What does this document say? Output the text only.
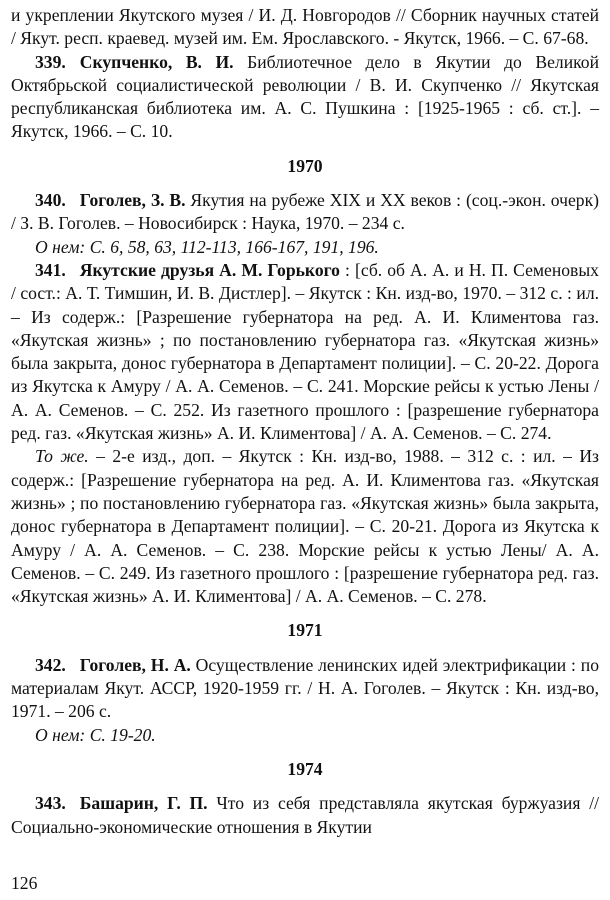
и укреплении Якутского музея / И. Д. Новгородов // Сборник научных статей / Якут. респ. краевед. музей им. Ем. Ярославского. - Якутск, 1966. – С. 67-68.

339. Скупченко, В. И. Библиотечное дело в Якутии до Великой Октябрьской социалистической революции / В. И. Скупченко // Якутская республиканская библиотека им. А. С. Пушкина : [1925-1965 : сб. ст.]. – Якутск, 1966. – С. 10.

1970

340. Гоголев, З. В. Якутия на рубеже XIX и XX веков : (соц.-экон. очерк) / З. В. Гоголев. – Новосибирск : Наука, 1970. – 234 с.

О нем: С. 6, 58, 63, 112-113, 166-167, 191, 196.

341. Якутские друзья А. М. Горького : [сб. об А. А. и Н. П. Семеновых / сост.: А. Т. Тимшин, И. В. Дистлер]. – Якутск : Кн. изд-во, 1970. – 312 с. : ил. – Из содерж.: [Разрешение губернатора на ред. А. И. Климентова газ. «Якутская жизнь» ; по постановлению губернатора газ. «Якутская жизнь» была закрыта, донос губернатора в Департамент полиции]. – С. 20-22. Дорога из Якутска к Амуру / А. А. Семенов. – С. 241. Морские рейсы к устью Лены / А. А. Семенов. – С. 252. Из газетного прошлого : [разрешение губернатора ред. газ. «Якутская жизнь» А. И. Климентова] / А. А. Семенов. – С. 274.

То же. – 2-е изд., доп. – Якутск : Кн. изд-во, 1988. – 312 с. : ил. – Из содерж.: [Разрешение губернатора на ред. А. И. Климентова газ. «Якутская жизнь» ; по постановлению губернатора газ. «Якутская жизнь» была закрыта, донос губернатора в Департамент полиции]. – С. 20-21. Дорога из Якутска к Амуру / А. А. Семенов. – С. 238. Морские рейсы к устью Лены/ А. А. Семенов. – С. 249. Из газетного прошлого : [разрешение губернатора ред. газ. «Якутская жизнь» А. И. Климентова] / А. А. Семенов. – С. 278.

1971

342. Гоголев, Н. А. Осуществление ленинских идей электрификации : по материалам Якут. АССР, 1920-1959 гг. / Н. А. Гоголев. – Якутск : Кн. изд-во, 1971. – 206 с.

О нем: С. 19-20.

1974

343. Башарин, Г. П. Что из себя представляла якутская буржуазия // Социально-экономические отношения в Якутии

126
